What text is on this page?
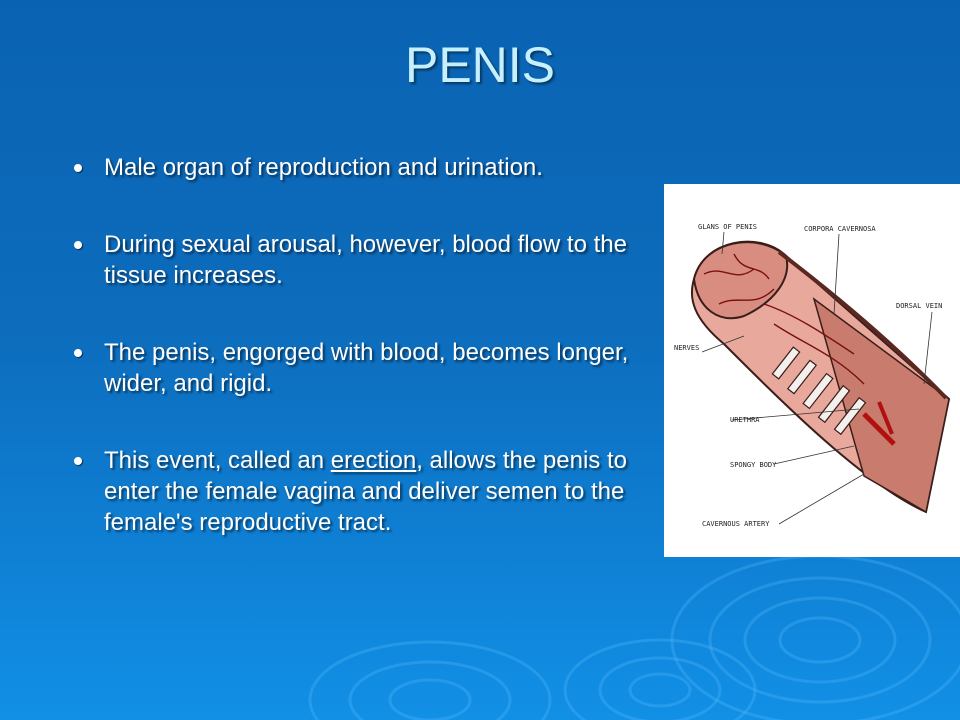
PENIS
Male organ of reproduction and urination.
During sexual arousal, however, blood flow to the tissue increases.
The penis, engorged with blood, becomes longer, wider, and rigid.
This event, called an erection, allows the penis to enter the female vagina and deliver semen to the female's reproductive tract.
GLANS OF PENIS	CORPORA CAVERNOSA
DORSAL VEIN
NERVES
URETHRA
SPONGY BODY
CAVERNOUS ARTERY
